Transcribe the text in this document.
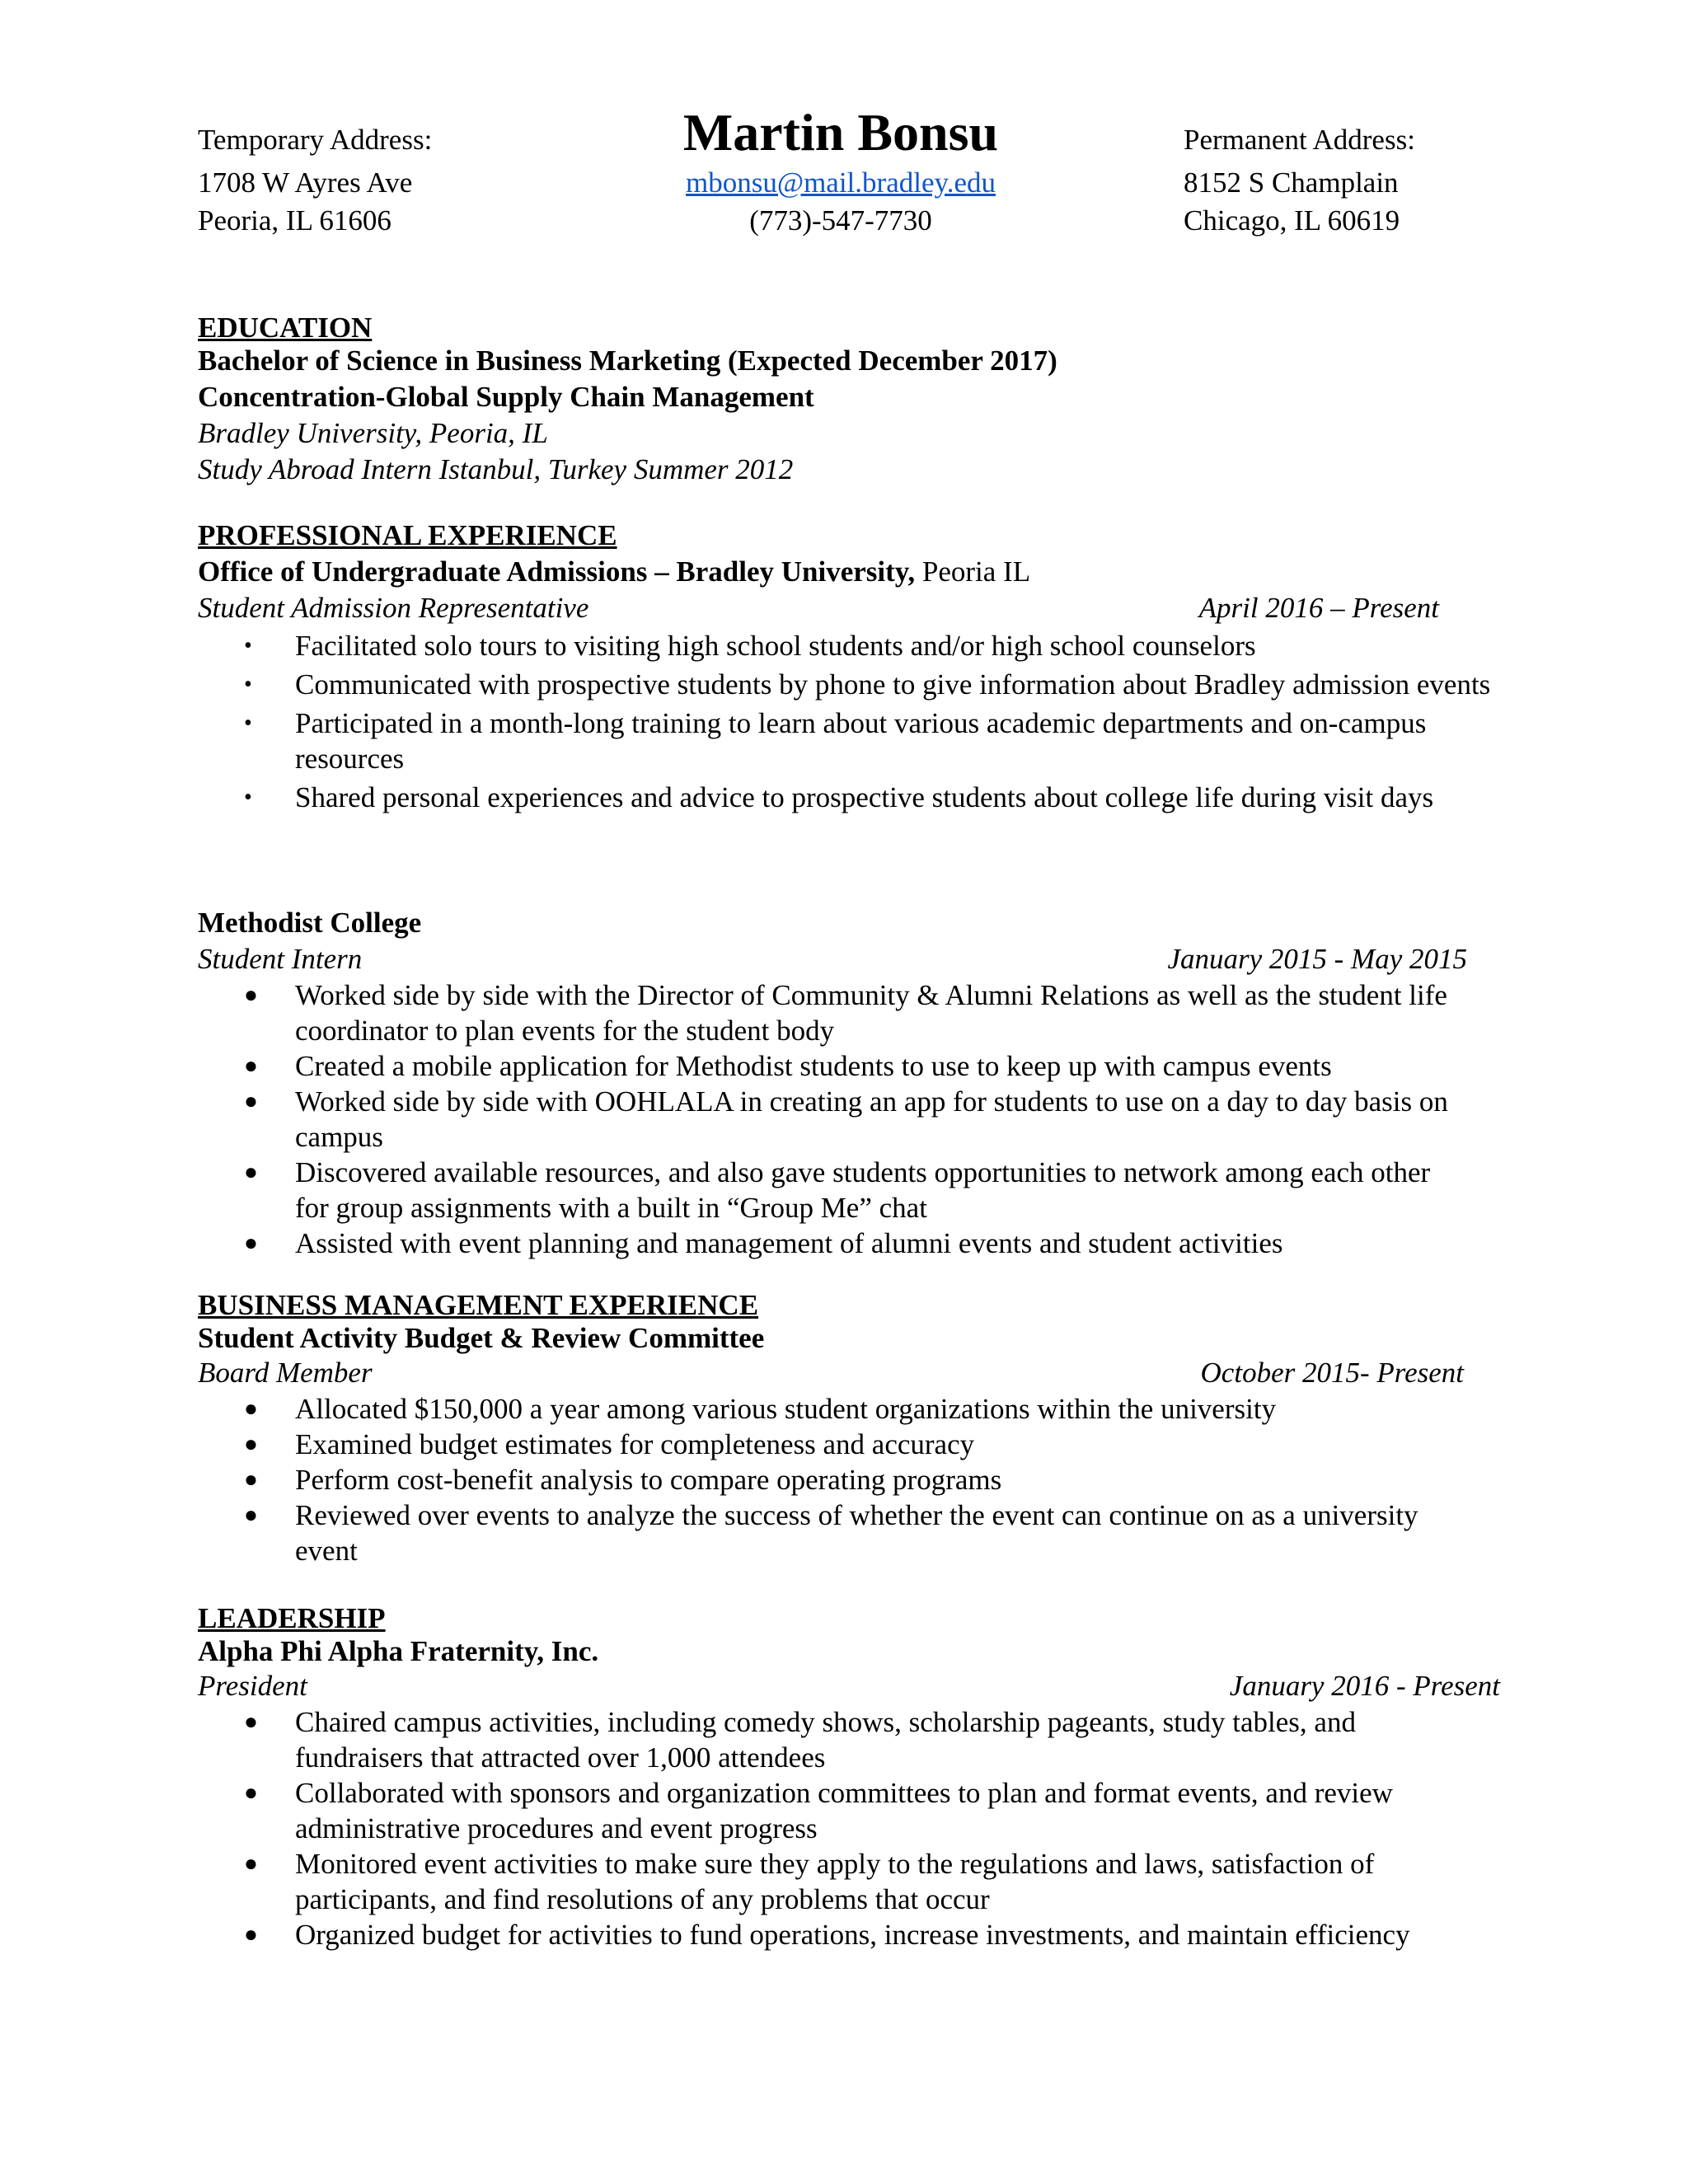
Temporary Address:
1708 W Ayres Ave
Peoria, IL 61606
Martin Bonsu
mbonsu@mail.bradley.edu
(773)-547-7730
Permanent Address:
8152 S Champlain
Chicago, IL 60619
EDUCATION
Bachelor of Science in Business Marketing (Expected December 2017)
Concentration-Global Supply Chain Management
Bradley University, Peoria, IL
Study Abroad Intern Istanbul, Turkey Summer 2012
PROFESSIONAL EXPERIENCE
Office of Undergraduate Admissions – Bradley University, Peoria IL
Student Admission Representative	April 2016 – Present
• Facilitated solo tours to visiting high school students and/or high school counselors
• Communicated with prospective students by phone to give information about Bradley admission events
• Participated in a month-long training to learn about various academic departments and on-campus resources
• Shared personal experiences and advice to prospective students about college life during visit days
Methodist College
Student Intern	January 2015 - May 2015
● Worked side by side with the Director of Community & Alumni Relations as well as the student life coordinator to plan events for the student body
● Created a mobile application for Methodist students to use to keep up with campus events
● Worked side by side with OOHLALA in creating an app for students to use on a day to day basis on campus
● Discovered available resources, and also gave students opportunities to network among each other for group assignments with a built in “Group Me” chat
● Assisted with event planning and management of alumni events and student activities
BUSINESS MANAGEMENT EXPERIENCE
Student Activity Budget & Review Committee
Board Member	October 2015- Present
● Allocated $150,000 a year among various student organizations within the university
● Examined budget estimates for completeness and accuracy
● Perform cost-benefit analysis to compare operating programs
● Reviewed over events to analyze the success of whether the event can continue on as a university event
LEADERSHIP
Alpha Phi Alpha Fraternity, Inc.
President	January 2016 - Present
● Chaired campus activities, including comedy shows, scholarship pageants, study tables, and fundraisers that attracted over 1,000 attendees
● Collaborated with sponsors and organization committees to plan and format events, and review administrative procedures and event progress
● Monitored event activities to make sure they apply to the regulations and laws, satisfaction of participants, and find resolutions of any problems that occur
● Organized budget for activities to fund operations, increase investments, and maintain efficiency
